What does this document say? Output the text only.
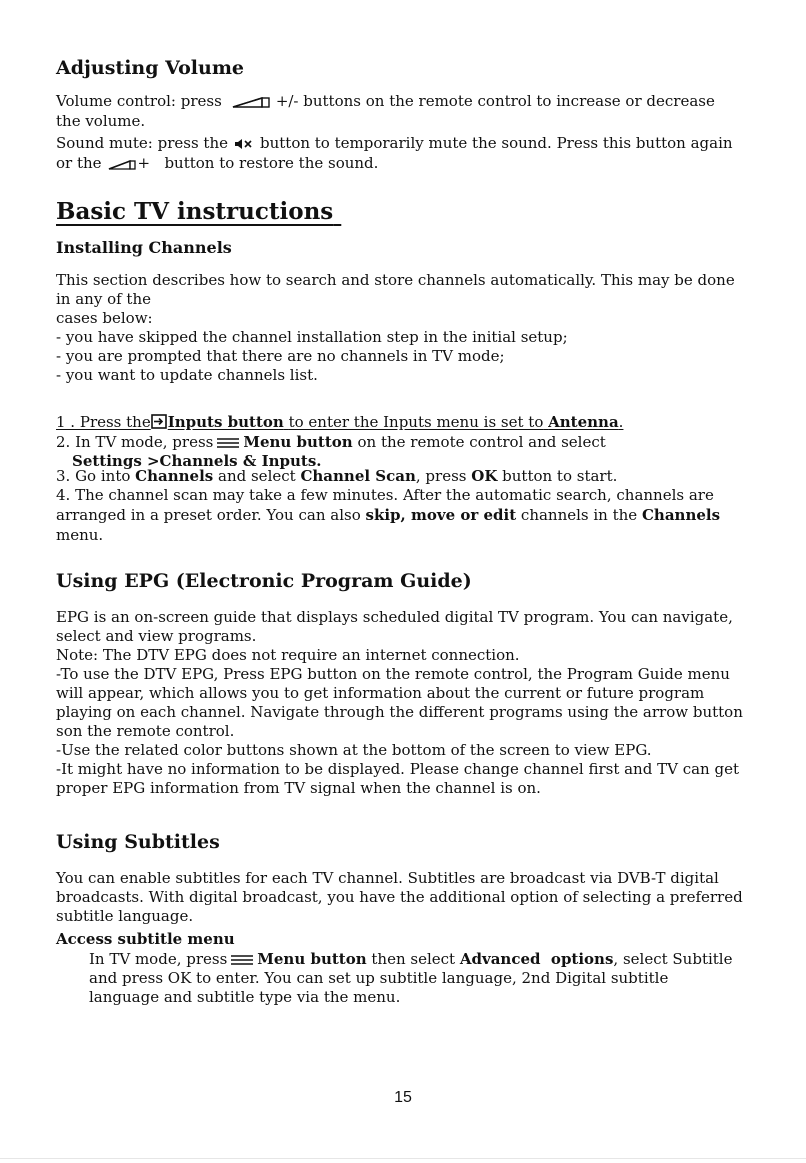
Adjusting Volume
Volume control: press	+/- buttons on the remote control to increase or decrease
the volume.
Sound mute: press the button to temporarily mute the sound. Press this button again
or the + button to restore the sound.
Basic TV instructions
Installing Channels
This section describes how to search and store channels automatically. This may be done
in any of the
cases below:
- you have skipped the channel installation step in the initial setup;
- you are prompted that there are no channels in TV mode;
- you want to update channels list.
1 . Press the Inputs button to enter the Inputs menu is set to Antenna.
2. In TV mode, press Menu button on the remote control and select
Settings >Channels & Inputs.
3. Go into Channels and select Channel Scan, press OK button to start.
4. The channel scan may take a few minutes. After the automatic search, channels are
arranged in a preset order. You can also skip, move or edit channels in the Channels
menu.
Using EPG (Electronic Program Guide)
EPG is an on-screen guide that displays scheduled digital TV program. You can navigate,
select and view programs.
Note: The DTV EPG does not require an internet connection.
-To use the DTV EPG, Press EPG button on the remote control, the Program Guide menu
will appear, which allows you to get information about the current or future program
playing on each channel. Navigate through the different programs using the arrow button
son the remote control.
-Use the related color buttons shown at the bottom of the screen to view EPG.
-It might have no information to be displayed. Please change channel first and TV can get
proper EPG information from TV signal when the channel is on.
Using Subtitles
You can enable subtitles for each TV channel. Subtitles are broadcast via DVB-T digital
broadcasts. With digital broadcast, you have the additional option of selecting a preferred
subtitle language.
Access subtitle menu
In TV mode, press Menu button then select Advanced  options, select Subtitle
and press OK to enter. You can set up subtitle language, 2nd Digital subtitle
language and subtitle type via the menu.
15
